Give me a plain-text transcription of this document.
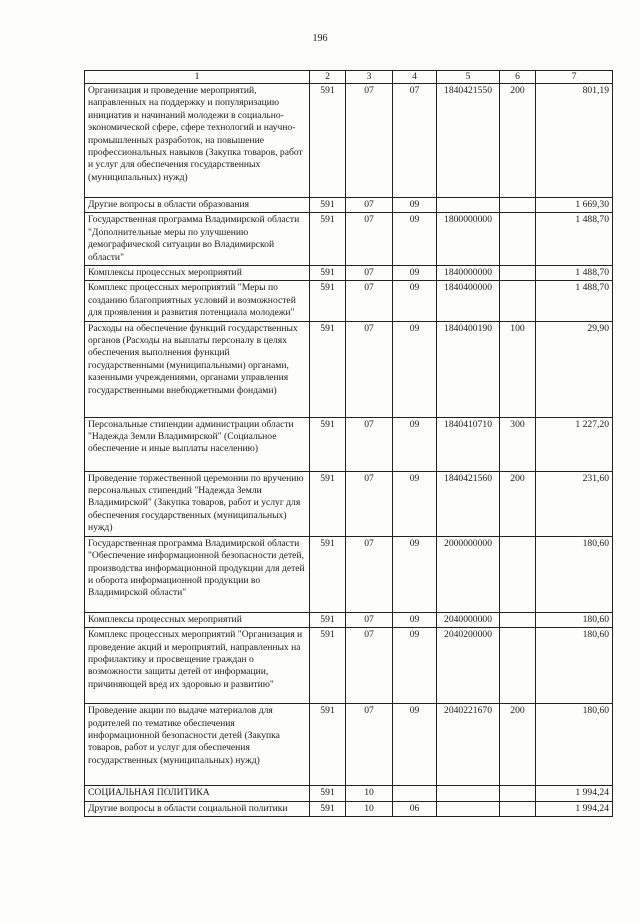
196
1	2	3	4	5	6	7
Организация и проведение мероприятий, направленных на поддержку и популяризацию инициатив и начинаний молодежи в социально-экономической сфере, сфере технологий и научно-промышленных разработок, на повышение профессиональных навыков (Закупка товаров, работ и услуг для обеспечения государственных (муниципальных) нужд)	591	07	07	1840421550	200	801,19
Другие вопросы в области образования	591	07	09			1 669,30
Государственная программа Владимирской области "Дополнительные меры по улучшению демографической ситуации во Владимирской области"	591	07	09	1800000000		1 488,70
Комплексы процессных мероприятий	591	07	09	1840000000		1 488,70
Комплекс процессных мероприятий "Меры по созданию благоприятных условий и возможностей для проявления и развития потенциала молодежи"	591	07	09	1840400000		1 488,70
Расходы на обеспечение функций государственных органов (Расходы на выплаты персоналу в целях обеспечения выполнения функций государственными (муниципальными) органами, казенными учреждениями, органами управления государственными внебюджетными фондами)	591	07	09	1840400190	100	29,90
Персональные стипендии администрации области "Надежда Земли Владимирской" (Социальное обеспечение и иные выплаты населению)	591	07	09	1840410710	300	1 227,20
Проведение торжественной церемонии по вручению персональных стипендий "Надежда Земли Владимирской" (Закупка товаров, работ и услуг для обеспечения государственных (муниципальных) нужд)	591	07	09	1840421560	200	231,60
Государственная программа Владимирской области "Обеспечение информационной безопасности детей, производства информационной продукции для детей и оборота информационной продукции во Владимирской области"	591	07	09	2000000000		180,60
Комплексы процессных мероприятий	591	07	09	2040000000		180,60
Комплекс процессных мероприятий "Организация и проведение акций и мероприятий, направленных на профилактику и просвещение граждан о возможности защиты детей от информации, причиняющей вред их здоровью и развитию"	591	07	09	2040200000		180,60
Проведение акции по выдаче материалов для родителей по тематике обеспечения информационной безопасности детей (Закупка товаров, работ и услуг для обеспечения государственных (муниципальных) нужд)	591	07	09	2040221670	200	180,60
СОЦИАЛЬНАЯ ПОЛИТИКА	591	10				1 994,24
Другие вопросы в области социальной политики	591	10	06			1 994,24
